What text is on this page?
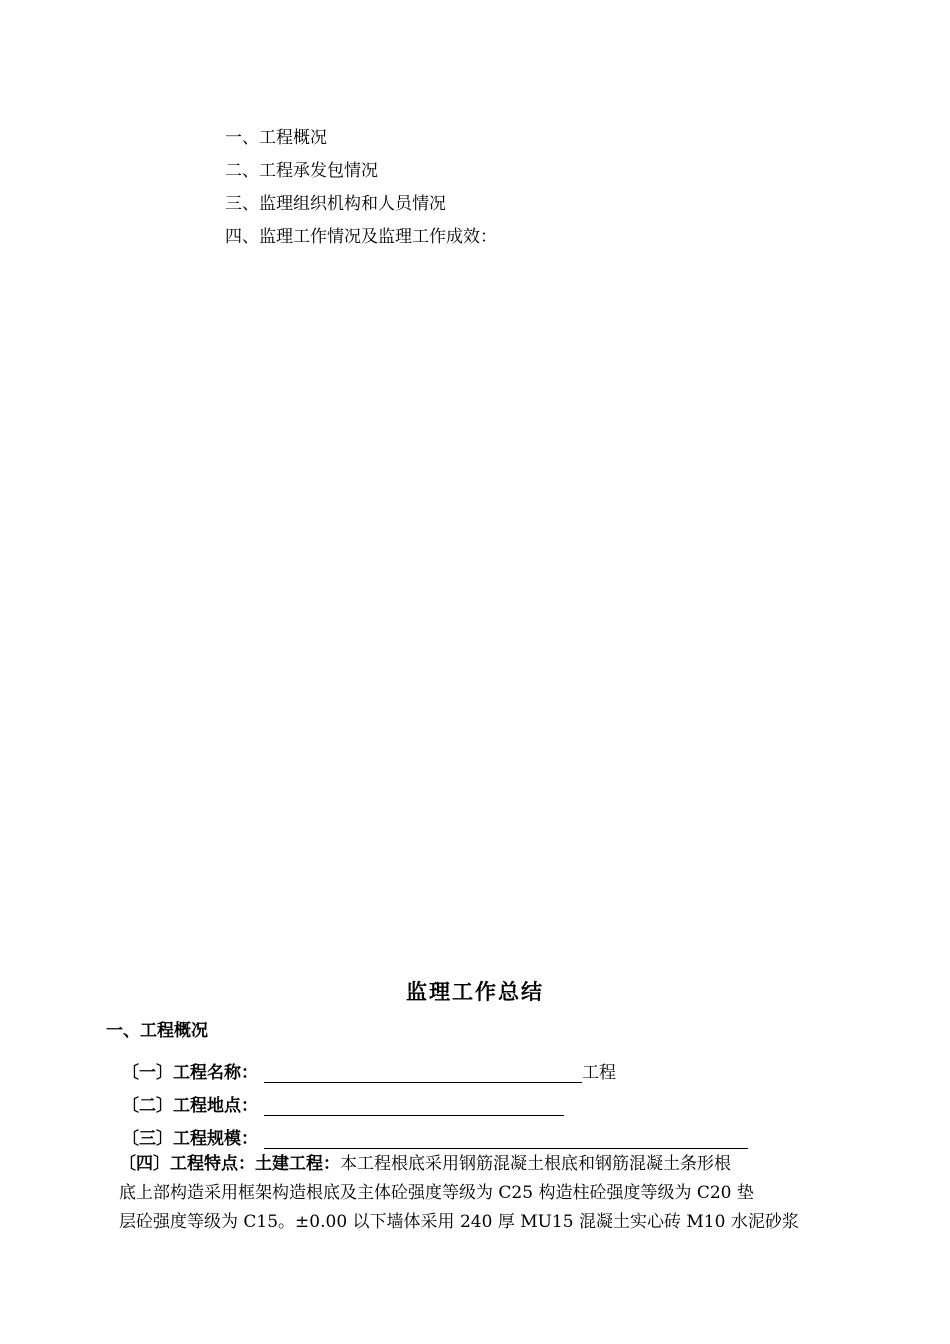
一、工程概况
二、工程承发包情况
三、监理组织机构和人员情况
四、监理工作情况及监理工作成效：
监理工作总结
一、工程概况
〔一〕工程名称：	工程
〔二〕工程地点：
〔三〕工程规模：
〔四〕工程特点：土建工程：本工程根底采用钢筋混凝土根底和钢筋混凝土条形根
底上部构造采用框架构造根底及主体砼强度等级为 C25 构造柱砼强度等级为 C20 垫
层砼强度等级为 C15。±0.00 以下墙体采用 240 厚 MU15 混凝土实心砖 M10 水泥砂浆
